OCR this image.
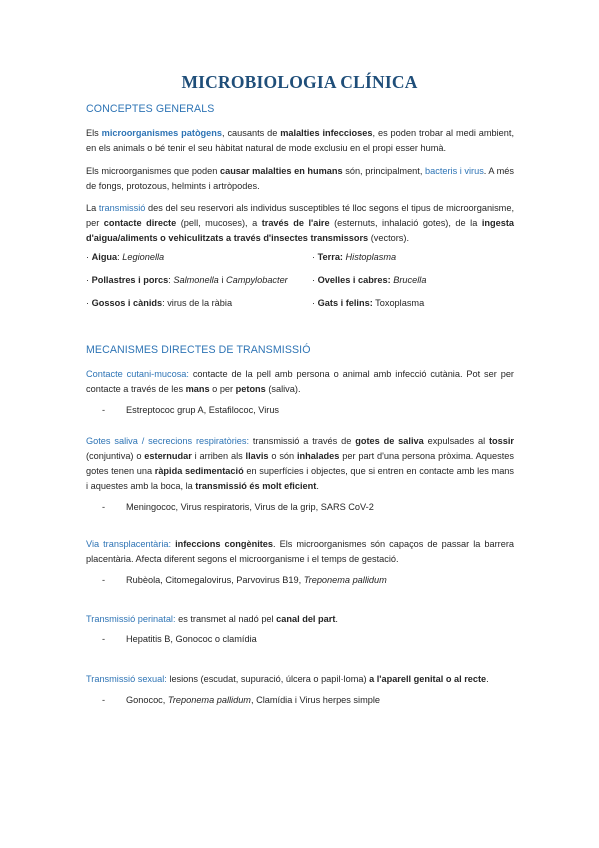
MICROBIOLOGIA CLÍNICA
CONCEPTES GENERALS
Els microorganismes patògens, causants de malalties infeccioses, es poden trobar al medi ambient, en els animals o bé tenir el seu hàbitat natural de mode exclusiu en el propi esser humà.
Els microorganismes que poden causar malalties en humans són, principalment, bacteris i virus. A més de fongs, protozous, helmints i artròpodes.
La transmissió des del seu reservori als individus susceptibles té lloc segons el tipus de microorganisme, per contacte directe (pell, mucoses), a través de l'aire (esternuts, inhalació gotes), de la ingesta d'aigua/aliments o vehiculitzats a través d'insectes transmissors (vectors).
· Aigua: Legionella	· Terra: Histoplasma
· Pollastres i porcs: Salmonella i Campylobacter	· Ovelles i cabres: Brucella
· Gossos i cànids: virus de la ràbia	· Gats i felins: Toxoplasma
MECANISMES DIRECTES DE TRANSMISSIÓ
Contacte cutani-mucosa: contacte de la pell amb persona o animal amb infecció cutània. Pot ser per contacte a través de les mans o per petons (saliva).
- Estreptococ grup A, Estafilococ, Virus
Gotes saliva / secrecions respiratòries: transmissió a través de gotes de saliva expulsades al tossir (conjuntiva) o esternudar i arriben als llavis o són inhalades per part d'una persona pròxima. Aquestes gotes tenen una ràpida sedimentació en superfícies i objectes, que si entren en contacte amb les mans i aquestes amb la boca, la transmissió és molt eficient.
- Meningococ, Virus respiratoris, Virus de la grip, SARS CoV-2
Via transplacentària: infeccions congènites. Els microorganismes són capaços de passar la barrera placentària. Afecta diferent segons el microorganisme i el temps de gestació.
- Rubèola, Citomegalovirus, Parvovirus B19, Treponema pallidum
Transmissió perinatal: es transmet al nadó pel canal del part.
- Hepatitis B, Gonococ o clamídia
Transmissió sexual: lesions (escudat, supuració, úlcera o papil·loma) a l'aparell genital o al recte.
- Gonococ, Treponema pallidum, Clamídia i Virus herpes simple
